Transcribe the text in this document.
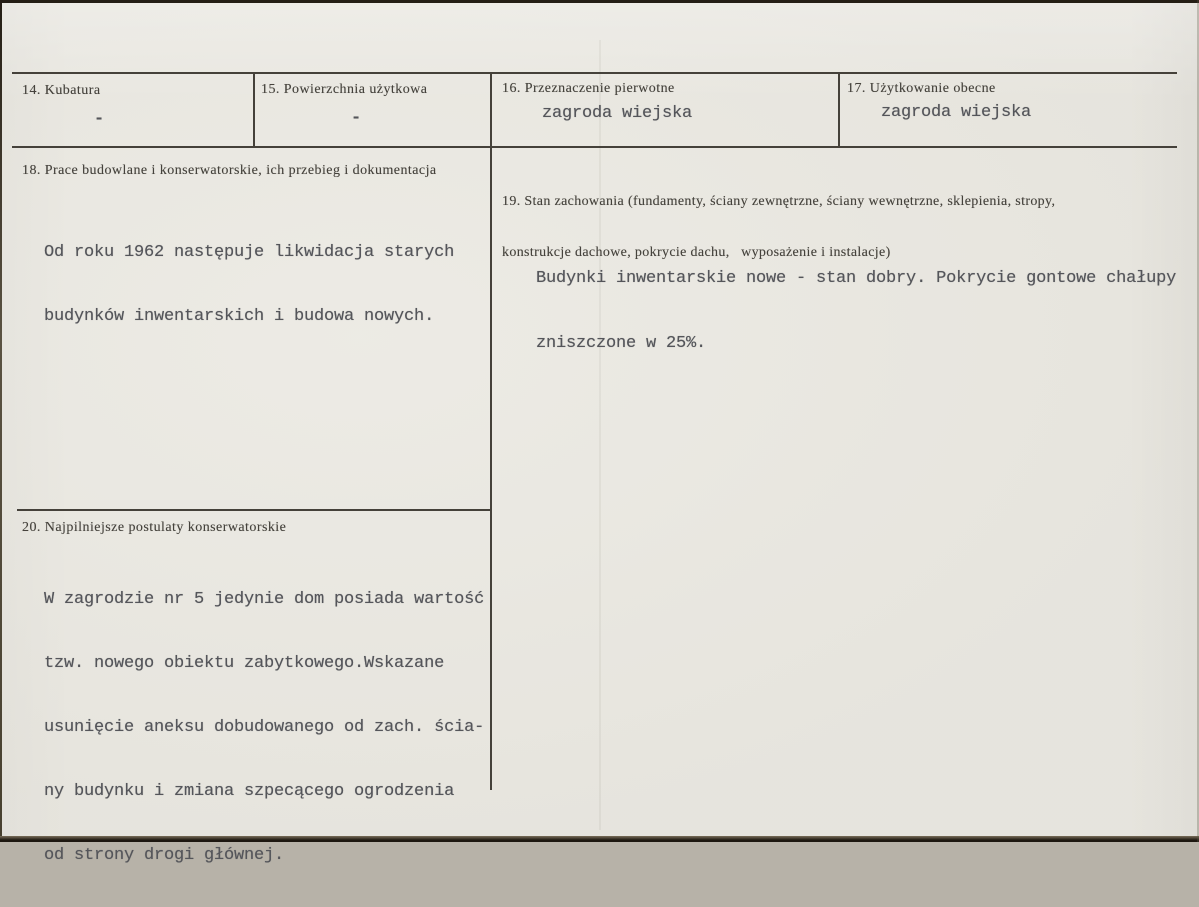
14. Kubatura
-
15. Powierzchnia użytkowa
-
16. Przeznaczenie pierwotne
zagroda wiejska
17. Użytkowanie obecne
zagroda wiejska
18. Prace budowlane i konserwatorskie, ich przebieg i dokumentacja

Od roku 1962 następuje likwidacja starych

budynków inwentarskich i budowa nowych.

19. Stan zachowania (fundamenty, ściany zewnętrzne, ściany wewnętrzne, sklepienia, stropy,

konstrukcje dachowe, pokrycie dachu,   wyposażenie i instalacje)

Budynki inwentarskie nowe - stan dobry. Pokrycie gontowe chałupy

zniszczone w 25%.

20. Najpilniejsze postulaty konserwatorskie

W zagrodzie nr 5 jedynie dom posiada wartość

tzw. nowego obiektu zabytkowego.Wskazane

usunięcie aneksu dobudowanego od zach. ścia-

ny budynku i zmiana szpecącego ogrodzenia

od strony drogi głównej.
